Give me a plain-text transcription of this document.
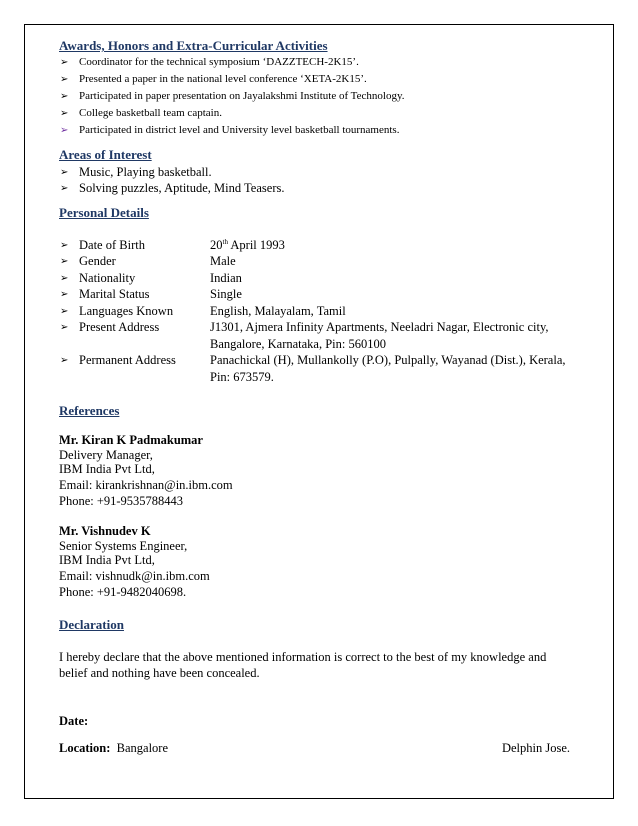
Awards, Honors and Extra-Curricular Activities
➢ Coordinator for the technical symposium ‘DAZZTECH-2K15’.
➢ Presented a paper in the national level conference ‘XETA-2K15’.
➢ Participated in paper presentation on Jayalakshmi Institute of Technology.
➢ College basketball team captain.
➢ Participated in district level and University level basketball tournaments.
Areas of Interest
➢ Music, Playing basketball.
➢ Solving puzzles, Aptitude, Mind Teasers.
Personal Details
➢ Date of Birth	20th April 1993
➢ Gender	Male
➢ Nationality	Indian
➢ Marital Status	Single
➢ Languages Known	English, Malayalam, Tamil
➢ Present Address	J1301, Ajmera Infinity Apartments, Neeladri Nagar, Electronic city,
Bangalore, Karnataka, Pin: 560100
➢ Permanent Address	Panachickal (H), Mullankolly (P.O), Pulpally, Wayanad (Dist.), Kerala,
Pin: 673579.
References
Mr. Kiran K Padmakumar
Delivery Manager,
IBM India Pvt Ltd,
Email: kirankrishnan@in.ibm.com
Phone: +91-9535788443
Mr. Vishnudev K
Senior Systems Engineer,
IBM India Pvt Ltd,
Email: vishnudk@in.ibm.com
Phone: +91-9482040698.
Declaration
I hereby declare that the above mentioned information is correct to the best of my knowledge and
belief and nothing have been concealed.
Date:
Location: Bangalore	Delphin Jose.
